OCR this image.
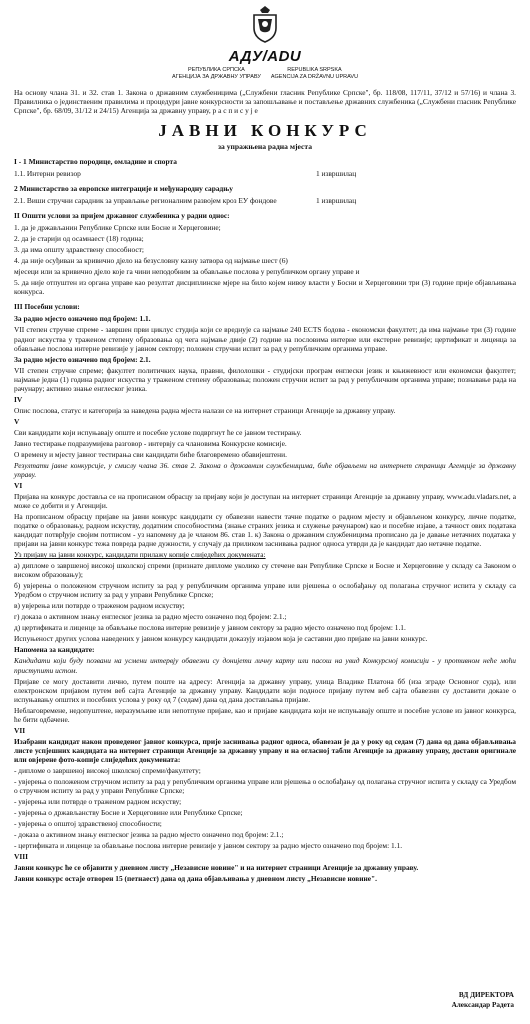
АДУ/ADU
РЕПУБЛИКА СРПСКА
АГЕНЦИЈА ЗА ДРЖАВНУ УПРАВУ
REPUBLIKA SRPSKA
AGENCIJA ZA DRŽAVNU UPRAVU

На основу члана 31. и 32. став 1. Закона о државним службеницима („Службени гласник Републике Српске", бр. 118/08, 117/11, 37/12 и 57/16) и члана 3. Правилника о јединственим правилима и процедури јавне конкурсности за запошљавање и постављење државних службеника („Службени гласник Републике Српске", бр. 68/09, 31/12 и 24/15) Агенција за државну управу, р а с п и с у ј е

ЈАВНИ КОНКУРС
за упражњена радна мјеста
I - 1 Министарство породице, омладине и спорта
1.1. Интерни ревизор	1 извршилац
2 Министарство за европске интеграције и међународну сарадњу
2.1. Виши стручни сарадник за управљање регионалним развојем кроз ЕУ фондове	1 извршилац
II Општи услови за пријем државног службеника у радни однос:

1. да је држављанин Републике Српске или Босне и Херцеговине;

2. да је старији од осамнаест (18) година;

3. да има општу здравствену способност;

4. да није осуђиван за кривично дјело на безусловну казну затвора од најмање шест (6)

мјесеци или за кривично дјело које га чини неподобним за обављање послова у републичком органу управе и

5. да није отпуштен из органа управе као резултат дисциплинске мјере на било којем нивоу власти у Босни и Херцеговини три (3) године прије објављивања конкурса.

III Посебни услови:

За радно мјесто означено под бројем: 1.1.

VII степен стручне спреме - завршен први циклус студија који се вреднује са најмање 240 ECTS бодова - економски факултет; да има најмање три (3) године радног искуства у траженом степену образовања од чега најмање двије (2) године на пословима интерне или екстерне ревизије; цертификат и лиценца за обављање послова интерне ревизије у јавном сектору; положен стручни испит за рад у републичким органима управе.

За радно мјесто означено под бројем: 2.1.

VII степен стручне спреме; факултет политичких наука, правни, филолошки - студијски програм енглески језик и књижевност или економски факултет; најмање једна (1) година радног искуства у траженом степену образовања; положен стручни испит за рад у републичким органима управе; познавање рада на рачунару; активно знање енглеског језика.

IV

Опис послова, статус и категорија за наведена радна мјеста налази се на интернет страници Агенције за државну управу.

V

Сви кандидати који испуњавају опште и посебне услове подвргнут ће се јавном тестирању.

Јавно тестирање подразумијева разговор - интервју са члановима Конкурсне комисије.

О времену и мјесту јавног тестирања сви кандидати биће благовремено обавијештени.

Резултати јавне конкурсије, у смислу члана 36. став 2. Закона о државним службеницима, биће објављени на интернет страници Агенције за државну управу.

VI

Пријава на конкурс доставља се на прописаном обрасцу за пријаву који је доступан на интернет страници Агенције за државну управу, www.adu.vladars.net, а може се добити и у Агенцији.

На прописаном обрасцу пријаве на јавни конкурс кандидати су обавезни навести тачне податке о радном мјесту и објављеном конкурсу, личне податке, податке о образовању, радном искуству, додатним способностима (знање страних језика и служење рачунаром) као и посебне изјаве, а тачност ових података кандидат потврђује својим потписом - уз напомену да је чланом 86. став 1. к) Закона о државним службеницима прописано да је давање нетачних података у пријави на јавни конкурс тежа повреда радне дужности, у случају да приликом заснивања радног односа утврди да је кандидат дао нетачне податке.

Уз пријаву на јавни конкурс, кандидати прилажу копије слиједећих докумената:

а) дипломе о завршеној високој школској спреми (признате дипломе уколико су стечене ван Републике Српске и Босне и Херцеговине у складу са Законом о високом образовању);

б) увјерења о положеном стручном испиту за рад у републичким органима управе или рјешења о ослобађању од полагања стручног испита у складу са Уредбом о стручном испиту за рад у управи Републике Српске;

в) увјерења или потврде о траженом радном искуству;

г) доказа о активном знању енглеског језика за радно мјесто означено под бројем: 2.1.;

д) цертификата и лиценце за обављање послова интерне ревизије у јавном сектору за радно мјесто означено под бројем: 1.1.

Испуњеност других услова наведених у јавном конкурсу кандидати доказују изјавом која је саставни дио пријаве на јавни конкурс.

Напомена за кандидате:

Кандидати који буду позвани на усмени интервју обавезни су донијети личну карту или пасош на увид Конкурсној комисији - у противном неће моћи приступити истом.

Пријаве се могу доставити лично, путем поште на адресу: Агенција за државну управу, улица Владике Платона бб (иза зграде Основног суда), или електронском пријавом путем веб сајта Агенције за државну управу. Кандидати који подносе пријаву путем веб сајта обавезни су доставити доказе о испуњавању општих и посебних услова у року од 7 (седам) дана од дана достављања пријаве.

Неблаговремене, недопуштене, неразумљиве или непотпуне пријаве, као и пријаве кандидата који не испуњавају опште и посебне услове из јавног конкурса, ће бити одбачене.

VII

Изабрани кандидат након проведеног јавног конкурса, прије заснивања радног односа, обавезан је да у року од седам (7) дана од дана објављивања листе успјешних кандидата на интернет страници Агенције за државну управу и на огласној табли Агенције за државну управу, достави оригинале или овјерене фото-копије слиједећих докумената:

- дипломе о завршеној високој школској спреми/факултету;

- увјерења о положеном стручном испиту за рад у републичким органима управе или рјешења о ослобађању од полагања стручног испита у складу са Уредбом о стручном испиту за рад у управи Републике Српске;

- увјерења или потврде о траженом радном искуству;

- увјерења о држављанству Босне и Херцеговине или Републике Српске;

- увјерења о општој здравственој способности;

- доказа о активном знању енглеског језика за радно мјесто означено под бројем: 2.1.;

- цертификата и лиценце за обављање послова интерне ревизије у јавном сектору за радно мјесто означено под бројем: 1.1.

VIII

Јавни конкурс ће се објавити у дневном листу „Независне новине" и на интернет страници Агенције за државну управу.

Јавни конкурс остаје отворен 15 (петнаест) дана од дана објављивања у дневном листу „Независне новине".

ВД ДИРЕКТОРА
Александар Радета
